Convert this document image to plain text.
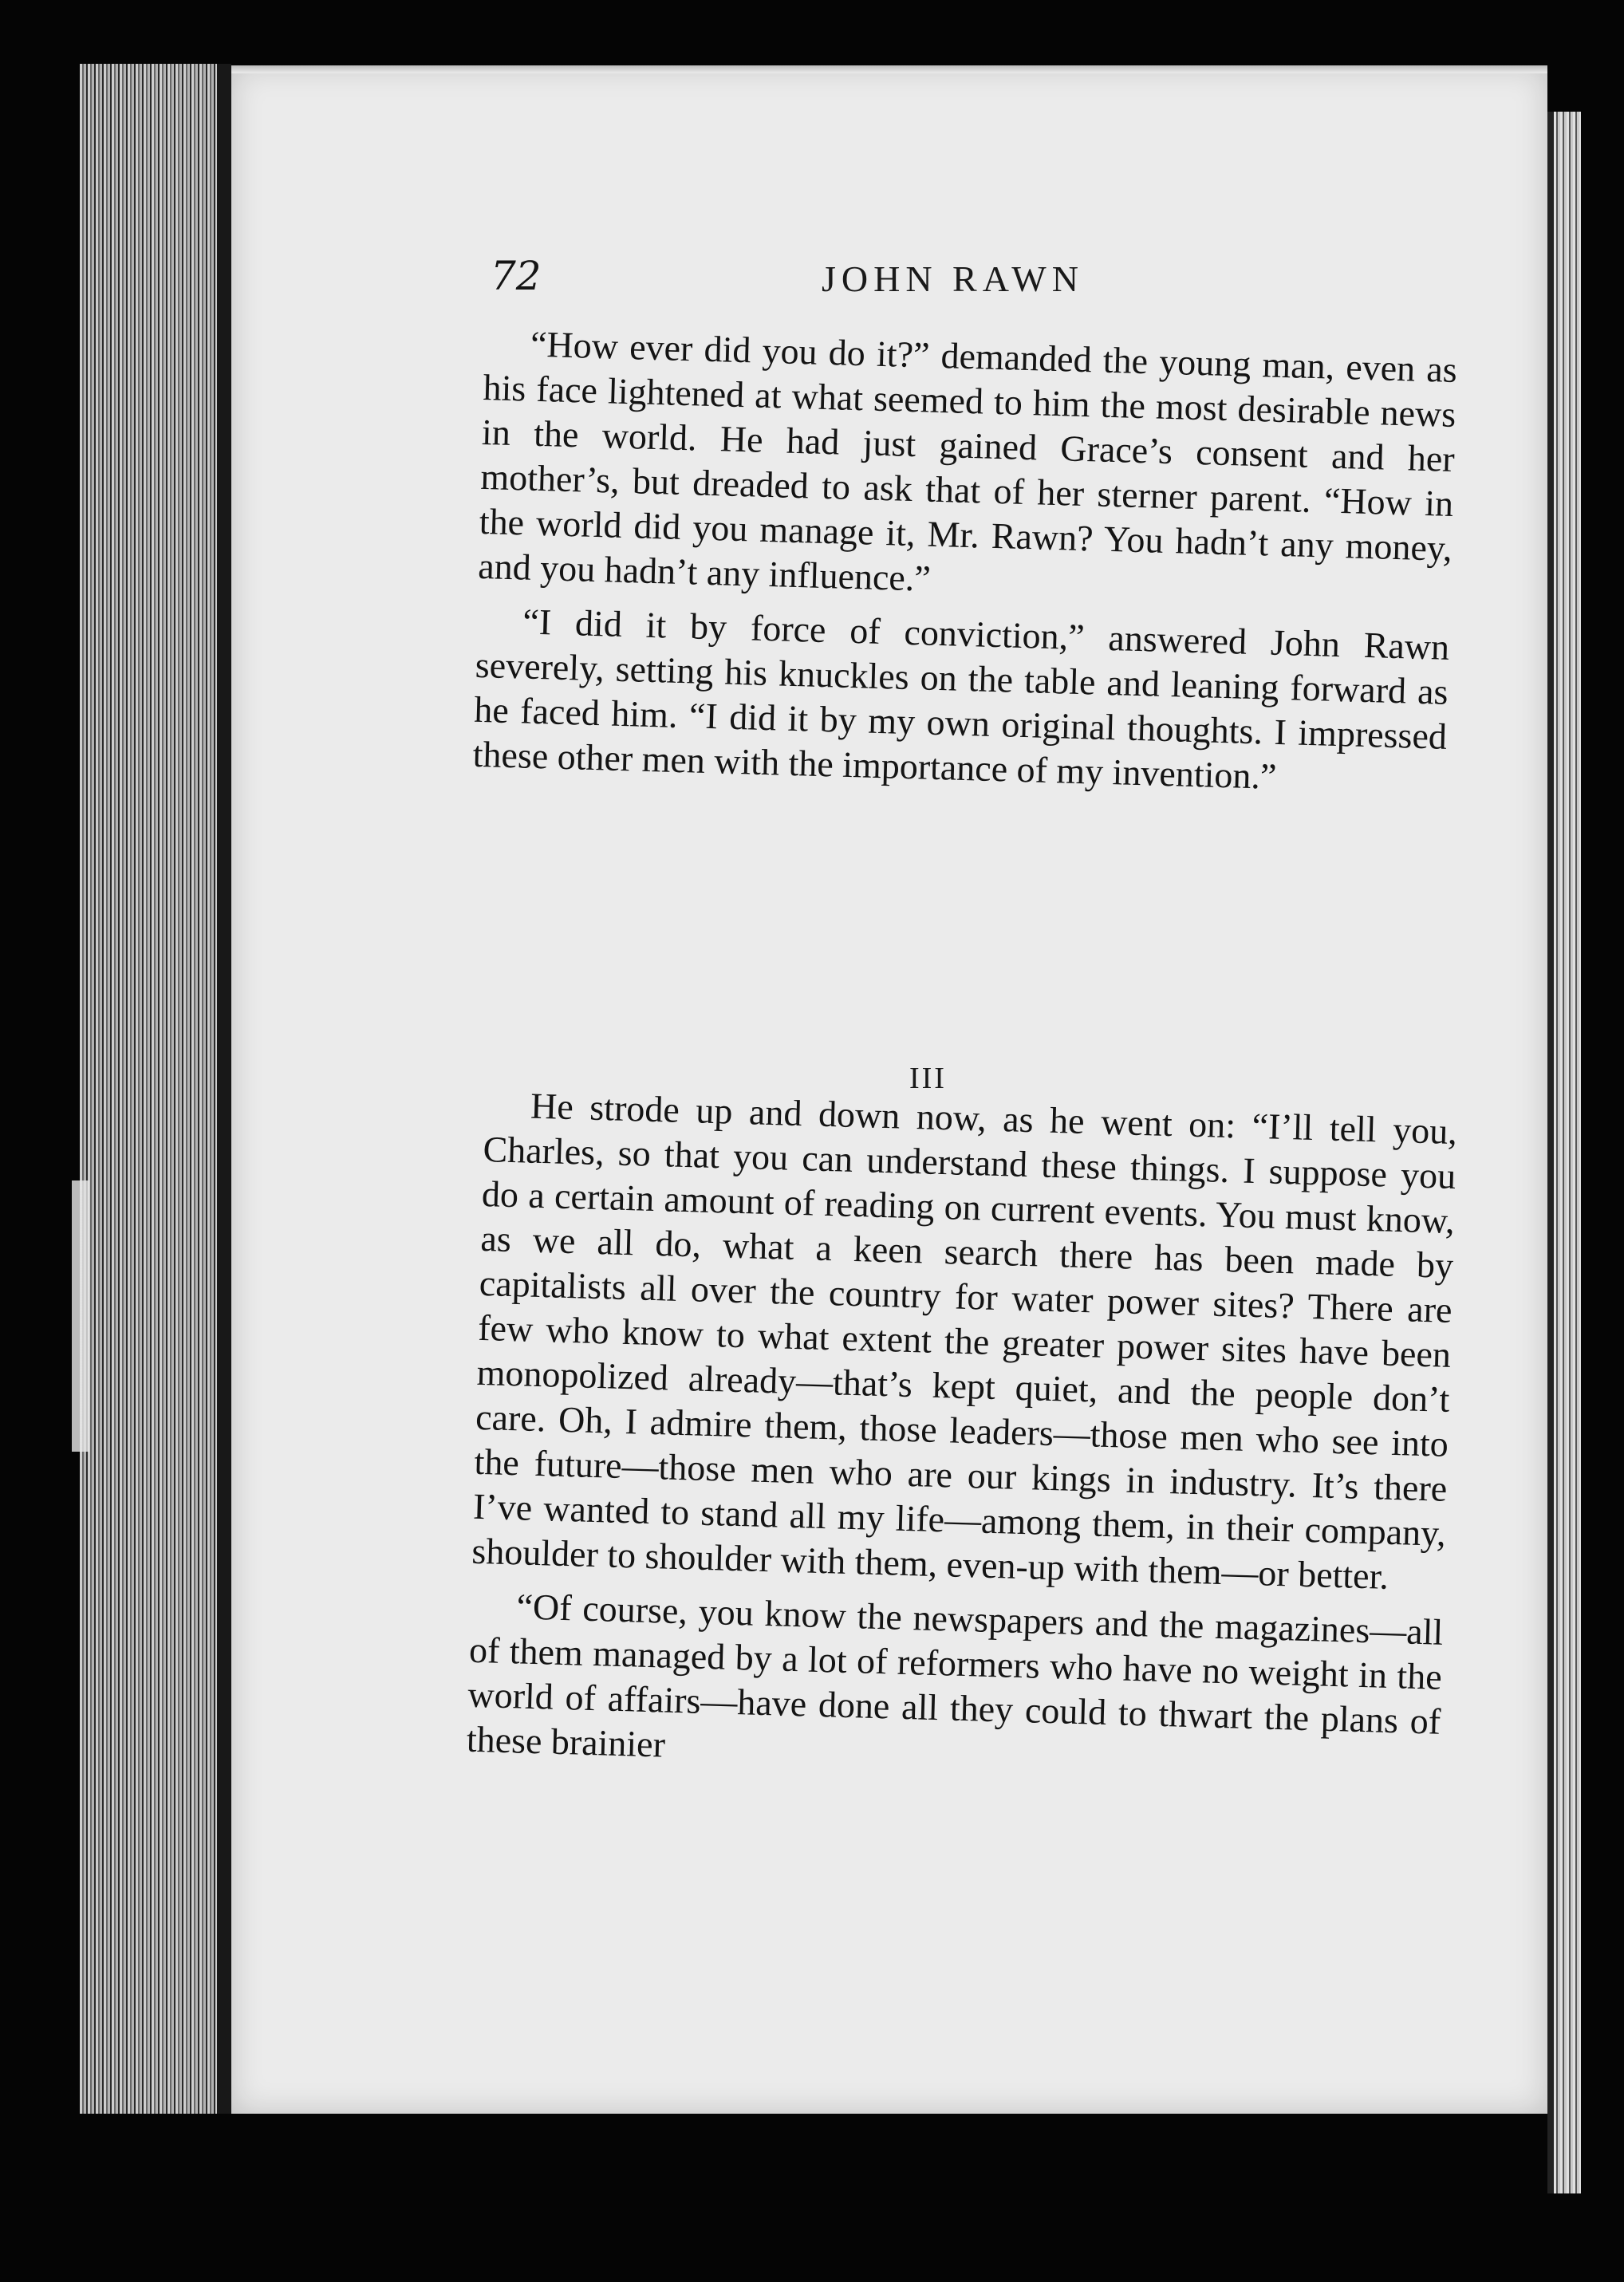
72	JOHN RAWN

“How ever did you do it?” demanded the young man, even as his face lightened at what seemed to him the most desirable news in the world. He had just gained Grace’s consent and her mother’s, but dreaded to ask that of her sterner parent. “How in the world did you manage it, Mr. Rawn? You hadn’t any money, and you hadn’t any influence.”

“I did it by force of conviction,” answered John Rawn severely, setting his knuckles on the table and leaning forward as he faced him. “I did it by my own original thoughts. I impressed these other men with the importance of my invention.”

III

He strode up and down now, as he went on: “I’ll tell you, Charles, so that you can understand these things. I suppose you do a certain amount of reading on current events. You must know, as we all do, what a keen search there has been made by capitalists all over the country for water power sites? There are few who know to what extent the greater power sites have been monopolized already—that’s kept quiet, and the people don’t care. Oh, I admire them, those leaders—those men who see into the future—those men who are our kings in industry. It’s there I’ve wanted to stand all my life—among them, in their company, shoulder to shoulder with them, even-up with them—or better.

“Of course, you know the newspapers and the magazines—all of them managed by a lot of reformers who have no weight in the world of affairs—have done all they could to thwart the plans of these brainier
